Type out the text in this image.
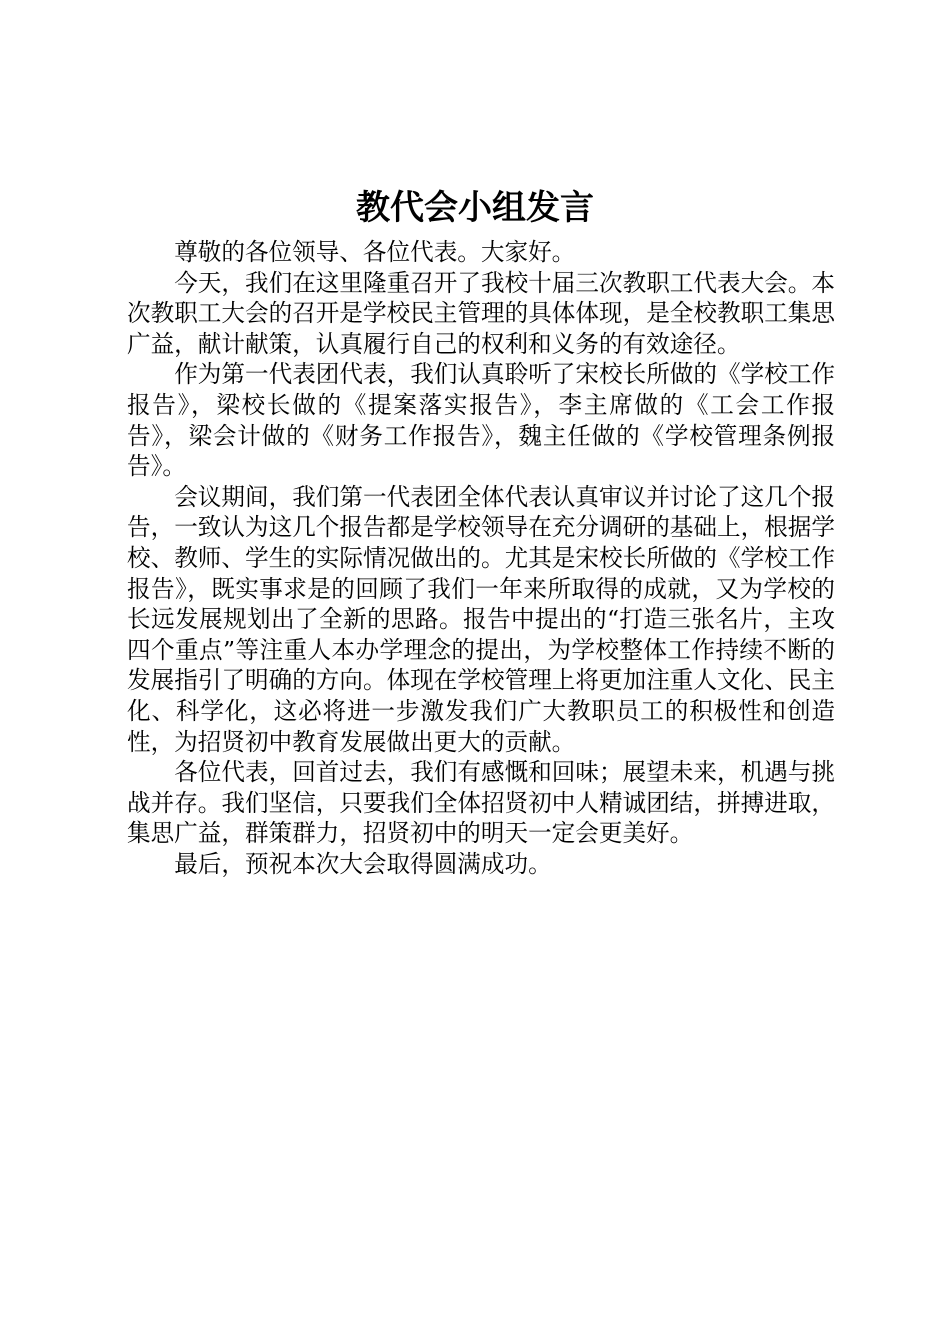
教代会小组发言

尊敬的各位领导、各位代表。大家好。

今天，我们在这里隆重召开了我校十届三次教职工代表大会。本次教职工大会的召开是学校民主管理的具体体现，是全校教职工集思广益，献计献策，认真履行自己的权利和义务的有效途径。

作为第一代表团代表，我们认真聆听了宋校长所做的《学校工作报告》，梁校长做的《提案落实报告》，李主席做的《工会工作报告》，梁会计做的《财务工作报告》，魏主任做的《学校管理条例报告》。

会议期间，我们第一代表团全体代表认真审议并讨论了这几个报告，一致认为这几个报告都是学校领导在充分调研的基础上，根据学校、教师、学生的实际情况做出的。尤其是宋校长所做的《学校工作报告》，既实事求是的回顾了我们一年来所取得的成就，又为学校的长远发展规划出了全新的思路。报告中提出的“打造三张名片，主攻四个重点”等注重人本办学理念的提出，为学校整体工作持续不断的发展指引了明确的方向。体现在学校管理上将更加注重人文化、民主化、科学化，这必将进一步激发我们广大教职员工的积极性和创造性，为招贤初中教育发展做出更大的贡献。

各位代表，回首过去，我们有感慨和回味；展望未来，机遇与挑战并存。我们坚信，只要我们全体招贤初中人精诚团结，拼搏进取，集思广益，群策群力，招贤初中的明天一定会更美好。

最后，预祝本次大会取得圆满成功。
